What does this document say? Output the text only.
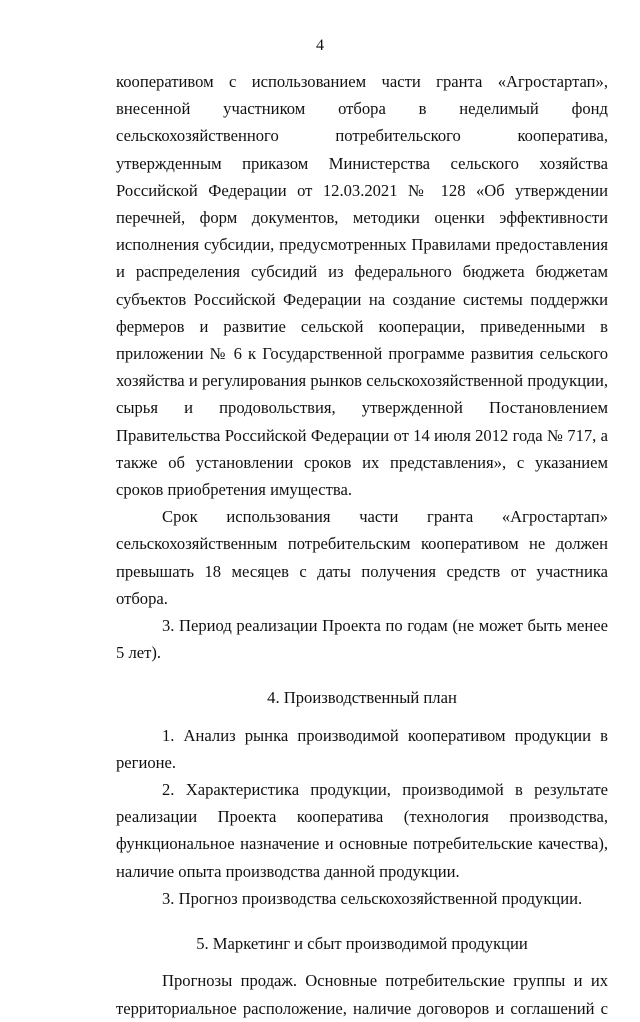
4

кооперативом с использованием части гранта «Агростартап», внесенной участником отбора в неделимый фонд сельскохозяйственного потребительского кооператива, утвержденным приказом Министерства сельского хозяйства Российской Федерации от 12.03.2021 № 128 «Об утверждении перечней, форм документов, методики оценки эффективности исполнения субсидии, предусмотренных Правилами предоставления и распределения субсидий из федерального бюджета бюджетам субъектов Российской Федерации на создание системы поддержки фермеров и развитие сельской кооперации, приведенными в приложении № 6 к Государственной программе развития сельского хозяйства и регулирования рынков сельскохозяйственной продукции, сырья и продовольствия, утвержденной Постановлением Правительства Российской Федерации от 14 июля 2012 года № 717, а также об установлении сроков их представления», с указанием сроков приобретения имущества.

Срок использования части гранта «Агростартап» сельскохозяйственным потребительским кооперативом не должен превышать 18 месяцев с даты получения средств от участника отбора.

3. Период реализации Проекта по годам (не может быть менее 5 лет).

4. Производственный план

1. Анализ рынка производимой кооперативом продукции в регионе.

2. Характеристика продукции, производимой в результате реализации Проекта кооператива (технология производства, функциональное назначение и основные потребительские качества), наличие опыта производства данной продукции.

3. Прогноз производства сельскохозяйственной продукции.

5. Маркетинг и сбыт производимой продукции

Прогнозы продаж. Основные потребительские группы и их территориальное расположение, наличие договоров и соглашений с
